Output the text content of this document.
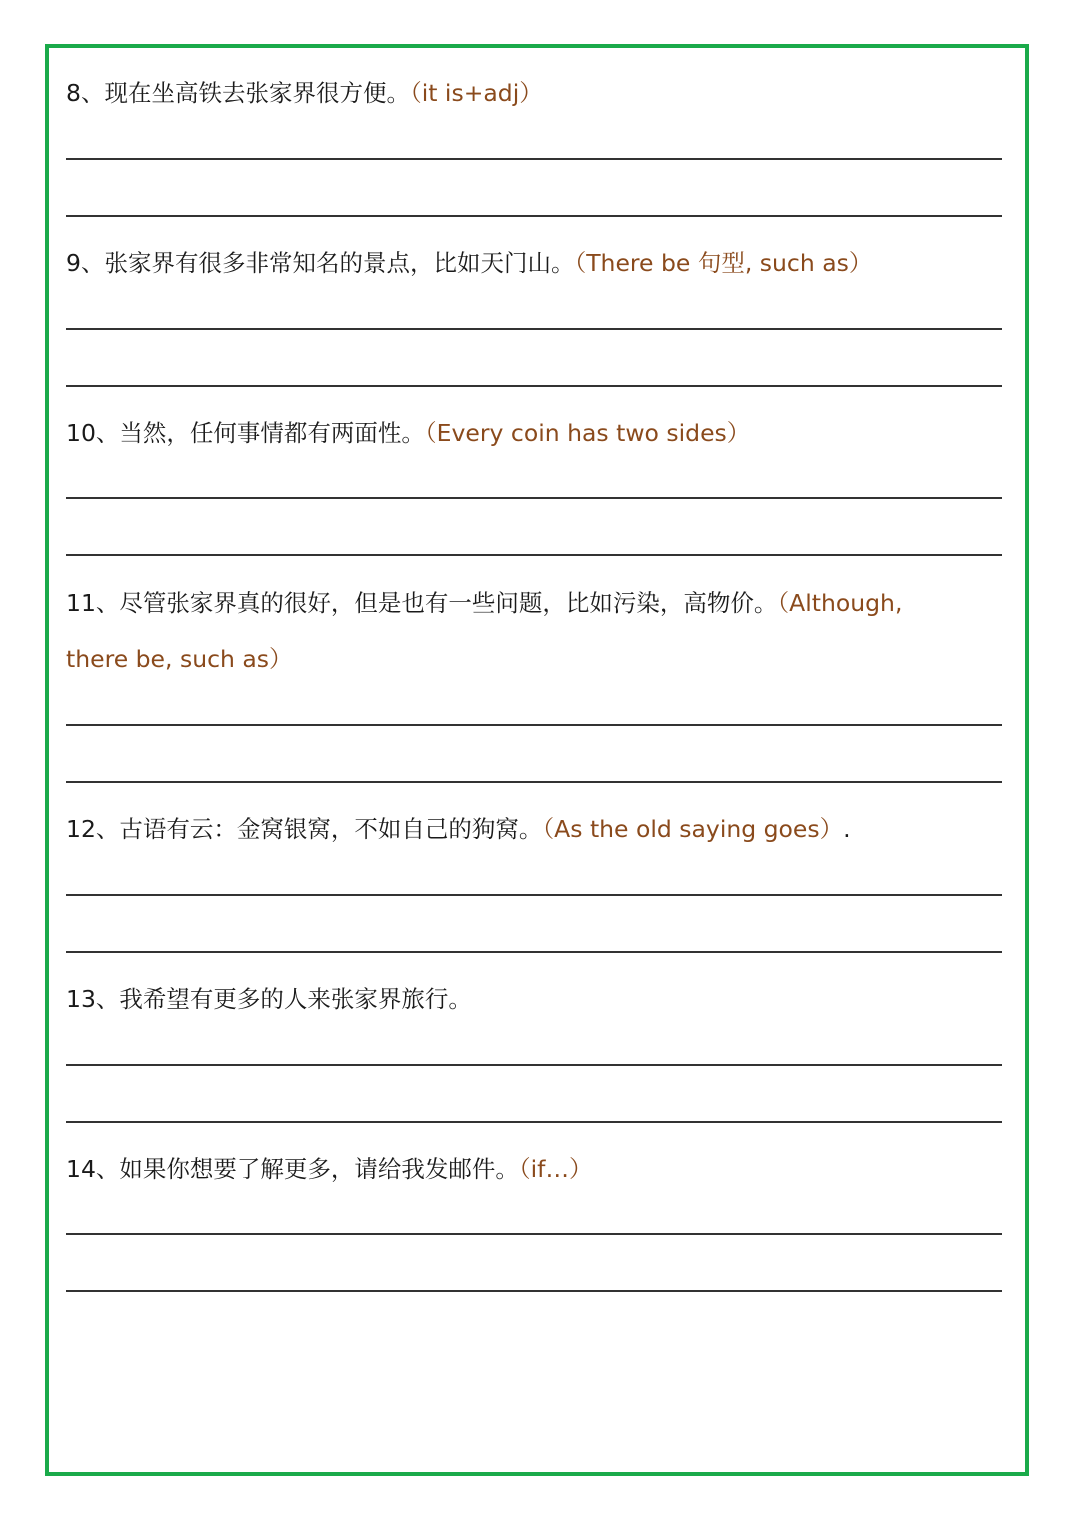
8、现在坐高铁去张家界很方便。（it is+adj）
9、张家界有很多非常知名的景点，比如天门山。（There be 句型, such as）
10、当然，任何事情都有两面性。（Every coin has two sides）
11、尽管张家界真的很好，但是也有一些问题，比如污染，高物价。（Although,
there be, such as）
12、古语有云：金窝银窝，不如自己的狗窝。（As the old saying goes）.
13、我希望有更多的人来张家界旅行。
14、如果你想要了解更多，请给我发邮件。（if…）
